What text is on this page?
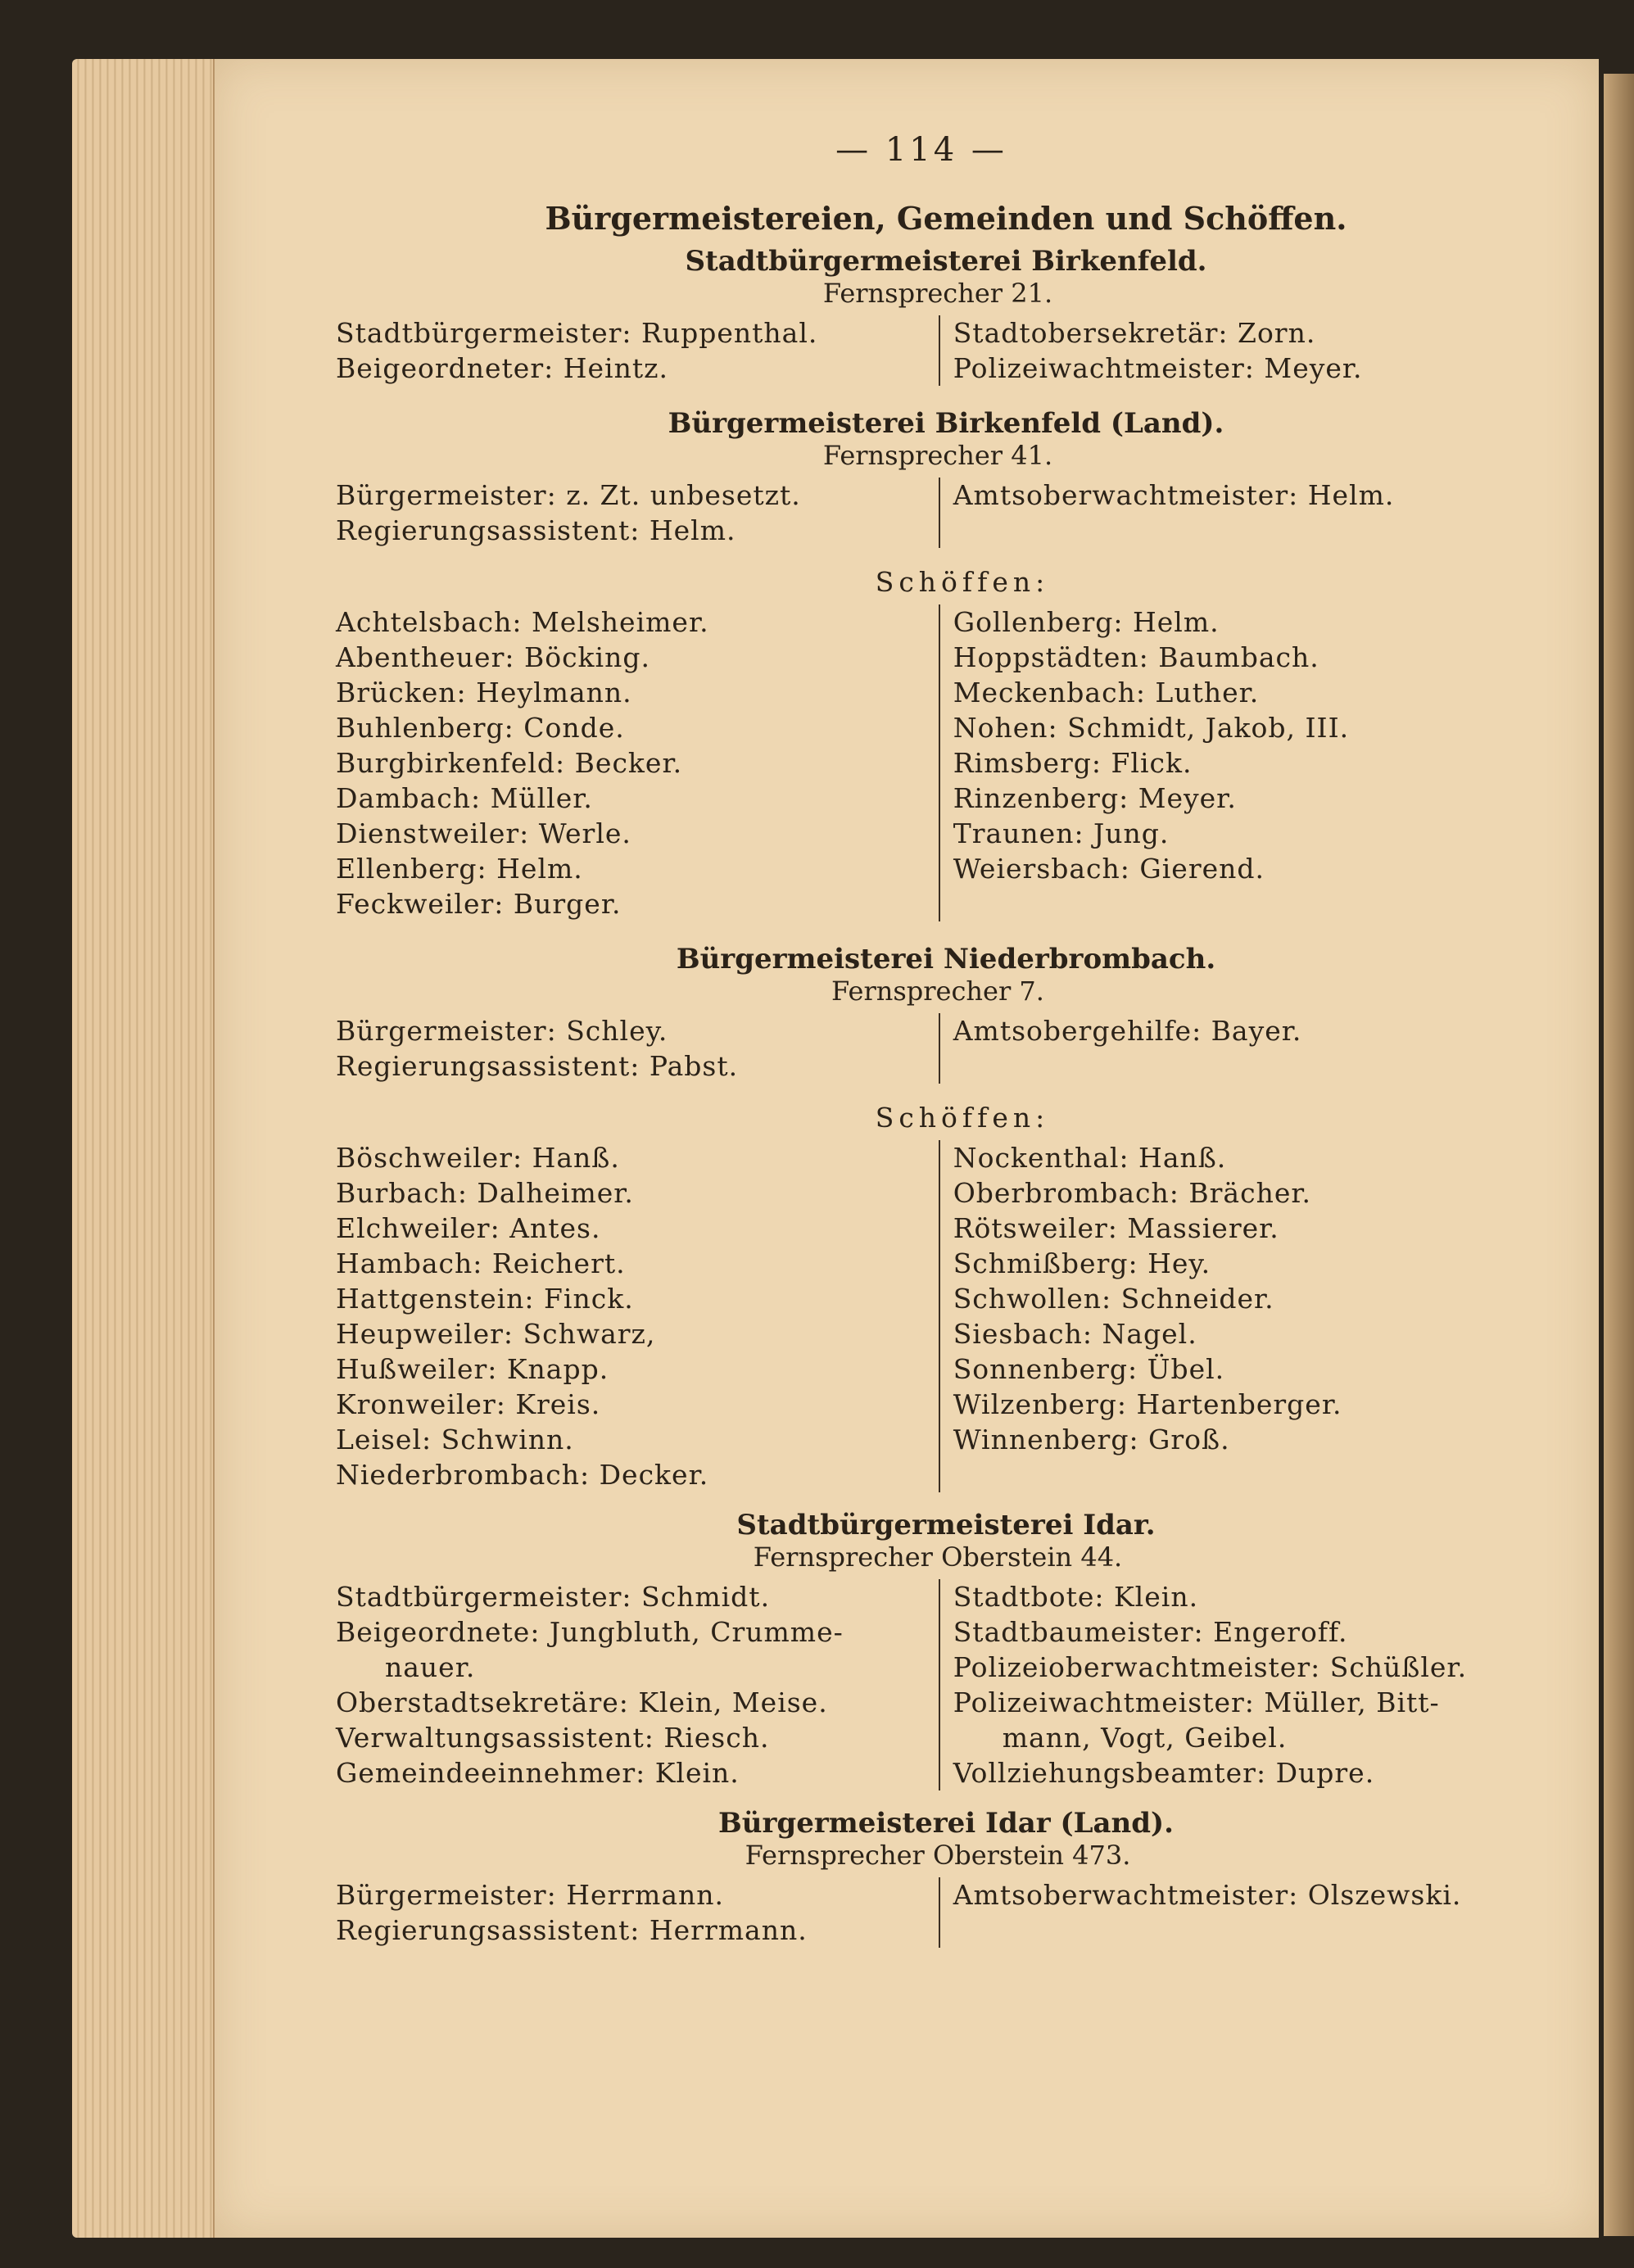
— 114 —
Bürgermeistereien, Gemeinden und Schöffen.
Stadtbürgermeisterei Birkenfeld.
Fernsprecher 21.
Stadtbürgermeister: Ruppenthal.
Beigeordneter: Heintz.
Stadtobersekretär: Zorn.
Polizeiwachtmeister: Meyer.
Bürgermeisterei Birkenfeld (Land).
Fernsprecher 41.
Bürgermeister: z. Zt. unbesetzt.
Regierungsassistent: Helm.
Amtsoberwachtmeister: Helm.

Schöffen:
Achtelsbach: Melsheimer.
Abentheuer: Böcking.
Brücken: Heylmann.
Buhlenberg: Conde.
Burgbirkenfeld: Becker.
Dambach: Müller.
Dienstweiler: Werle.
Ellenberg: Helm.
Feckweiler: Burger.
Gollenberg: Helm.
Hoppstädten: Baumbach.
Meckenbach: Luther.
Nohen: Schmidt, Jakob, III.
Rimsberg: Flick.
Rinzenberg: Meyer.
Traunen: Jung.
Weiersbach: Gierend.

Bürgermeisterei Niederbrombach.
Fernsprecher 7.
Bürgermeister: Schley.
Regierungsassistent: Pabst.
Amtsobergehilfe: Bayer.

Schöffen:
Böschweiler: Hanß.
Burbach: Dalheimer.
Elchweiler: Antes.
Hambach: Reichert.
Hattgenstein: Finck.
Heupweiler: Schwarz,
Hußweiler: Knapp.
Kronweiler: Kreis.
Leisel: Schwinn.
Niederbrombach: Decker.
Nockenthal: Hanß.
Oberbrombach: Brächer.
Rötsweiler: Massierer.
Schmißberg: Hey.
Schwollen: Schneider.
Siesbach: Nagel.
Sonnenberg: Übel.
Wilzenberg: Hartenberger.
Winnenberg: Groß.
Stadtbürgermeisterei Idar.
Fernsprecher Oberstein 44.
Stadtbürgermeister: Schmidt.
Beigeordnete: Jungbluth, Crumme-
nauer.
Oberstadtsekretäre: Klein, Meise.
Verwaltungsassistent: Riesch.
Gemeindeeinnehmer: Klein.
Stadtbote: Klein.
Stadtbaumeister: Engeroff.
Polizeioberwachtmeister: Schüßler.
Polizeiwachtmeister: Müller, Bitt-
mann, Vogt, Geibel.
Vollziehungsbeamter: Dupre.
Bürgermeisterei Idar (Land).
Fernsprecher Oberstein 473.
Bürgermeister: Herrmann.
Regierungsassistent: Herrmann.
Amtsoberwachtmeister: Olszewski.
